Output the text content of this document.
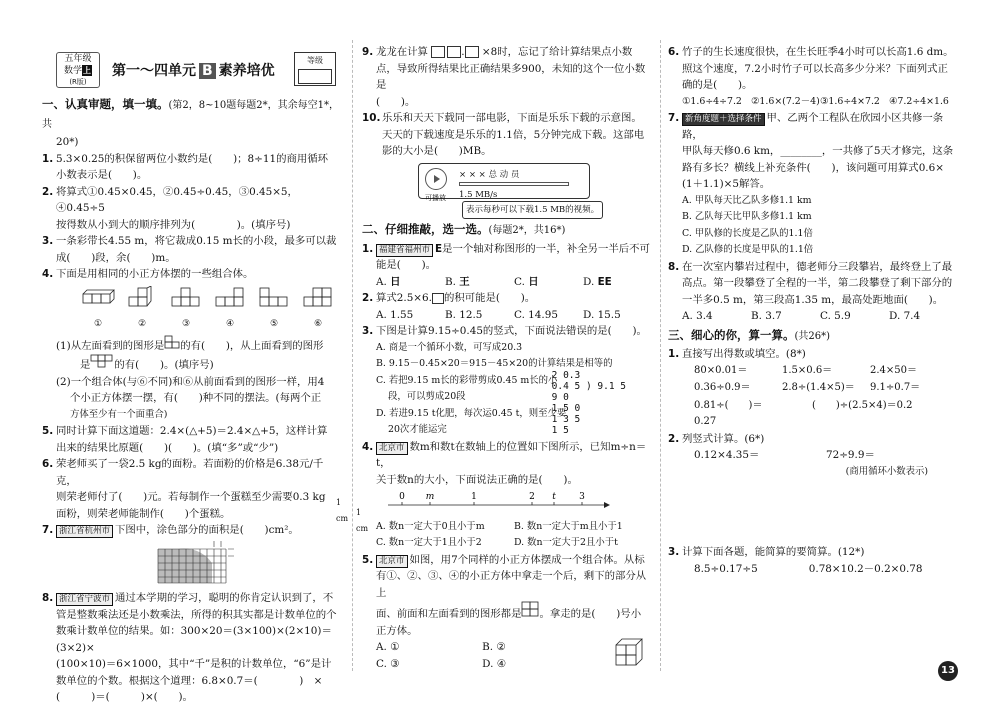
五年级
数学上
(R版)
第一～四单元 B 素养培优
等级
一、认真审题，填一填。(第2，8~10题每题2*，其余每空1*，共
20*)
1. 5.3×0.25的积保留两位小数约是(　　)；8÷11的商用循环
小数表示是(　　)。
2. 将算式①0.45×0.45，②0.45÷0.45，③0.45×5，④0.45÷5
按得数从小到大的顺序排列为(　　　　)。(填序号)
3. 一条彩带长4.55 m，将它裁成0.15 m长的小段，最多可以裁
成(　　)段，余(　　)m。
4. 下面是用相同的小正方体摆的一些组合体。
①	②	③	④	⑤	⑥
(1)从左面看到的图形是 的有(　　)，从上面看到的图形
是 的有(　　)。(填序号)
(2)一个组合体(与⑥不同)和⑥从前面看到的图形一样，用4
个小正方体摆一摆，有(　　)种不同的摆法。(每两个正
方体至少有一个面重合)
5. 同时计算下面这道题：2.4×(△+5)＝2.4×△+5，这样计算
出来的结果比原题(　　)(　　)。(填“多”或“少”)
6. 荣老师买了一袋2.5 kg的面粉。若面粉的价格是6.38元/千克，
则荣老师付了(　　)元。若每制作一个蛋糕至少需要0.3 kg
面粉，则荣老师能制作(　　)个蛋糕。
7. 浙江省杭州市 下图中，涂色部分的面积是(　　)cm²。
1 cm
1 cm
8. 浙江省宁波市 通过本学期的学习，聪明的你肯定认识到了，不
管是整数乘法还是小数乘法，所得的积其实都是计数单位的个
数乘计数单位的结果。如：300×20＝(3×100)×(2×10)＝(3×2)×
(100×10)＝6×1000，其中“千”是积的计数单位，“6”是计
数单位的个数。根据这个道理：6.8×0.7＝(　　　　)　×
(　　　)＝(　　　)×(　　)。
9. 龙龙在计算	. ×8时，忘记了给计算结果点小数
点，导致所得结果比正确结果多900，未知的这个一位小数是
(　　)。
10. 乐乐和天天下载同一部电影，下面是乐乐下载的示意图。
天天的下载速度是乐乐的1.1倍，5分钟完成下载。这部电
影的大小是(　　)MB。
可播放
× × × 总 动 员
1.5 MB/s
表示每秒可以下载1.5 MB的视频。
二、仔细推敲，选一选。(每题2*，共16*)
1. 福建省福州市 E是一个轴对称图形的一半，补全另一半后不可
能是(　　)。
A. 日	B. 王	C. 日	D. EE
2. 算式2.5×6. 的积可能是(　　)。
A. 1.55	B. 12.5	C. 14.95	D. 15.5
3. 下图是计算9.15÷0.45的竖式，下面说法错误的是(　　)。
A. 商是一个循环小数，可写成20.3̇
B. 9.15－0.45×20＝915－45×20的计算结果是相等的
C. 若把9.15 m长的彩带剪成0.45 m长的小
段，可以剪成20段
D. 若进9.15 t化肥，每次运0.45 t，则至少要
20次才能运完
2 0.3
0.4 5 ) 9.1 5
9 0
1 5 0
1 3 5
1 5
4. 北京市 数m和数t在数轴上的位置如下图所示，已知m÷n＝t，
关于数n的大小，下面说法正确的是(　　)。
0 m	1	2 t	3
A. 数n一定大于0且小于m	B. 数n一定大于m且小于1
C. 数n一定大于1且小于2	D. 数n一定大于2且小于t
5. 北京市 如图，用7个同样的小正方体摆成一个组合体。从标
有①、②、③、④的小正方体中拿走一个后，剩下的部分从上
面、前面和左面看到的图形都是 。拿走的是(　　)号小
正方体。
A. ①	B. ②
C. ③	D. ④
6. 竹子的生长速度很快，在生长旺季4小时可以长高1.6 dm。
照这个速度，7.2小时竹子可以长高多少分米？下面列式正
确的是(　　)。
①1.6÷4÷7.2 ②1.6×(7.2－4) ③1.6÷4×7.2 ④7.2÷4×1.6
7. 新角度题＋选择条件 甲、乙两个工程队在欣园小区共修一条路，
甲队每天修0.6 km，________，一共修了5天才修完，这条
路有多长？横线上补充条件(　　)，该问题可用算式0.6×
(1＋1.1)×5解答。
A. 甲队每天比乙队多修1.1 km
B. 乙队每天比甲队多修1.1 km
C. 甲队修的长度是乙队的1.1倍
D. 乙队修的长度是甲队的1.1倍
8. 在一次室内攀岩过程中，德老师分三段攀岩，最终登上了最
高点。第一段攀登了全程的一半，第二段攀登了剩下部分的
一半多0.5 m，第三段高1.35 m，最高处距地面(　　)。
A. 3.4	B. 3.7	C. 5.9	D. 7.4
三、细心的你，算一算。(共26*)
1. 直接写出得数或填空。(8*)
80×0.01＝	1.5×0.6＝	2.4×50＝
0.36÷0.9＝	2.8÷(1.4×5)＝	9.1÷0.7＝
0.81÷(　　)＝0.27
(　　)÷(2.5×4)＝0.2
2. 列竖式计算。(6*)
0.12×4.35＝	72÷9.9＝
(商用循环小数表示)
3. 计算下面各题，能简算的要简算。(12*)
8.5÷0.17÷5	0.78×10.2－0.2×0.78
13
